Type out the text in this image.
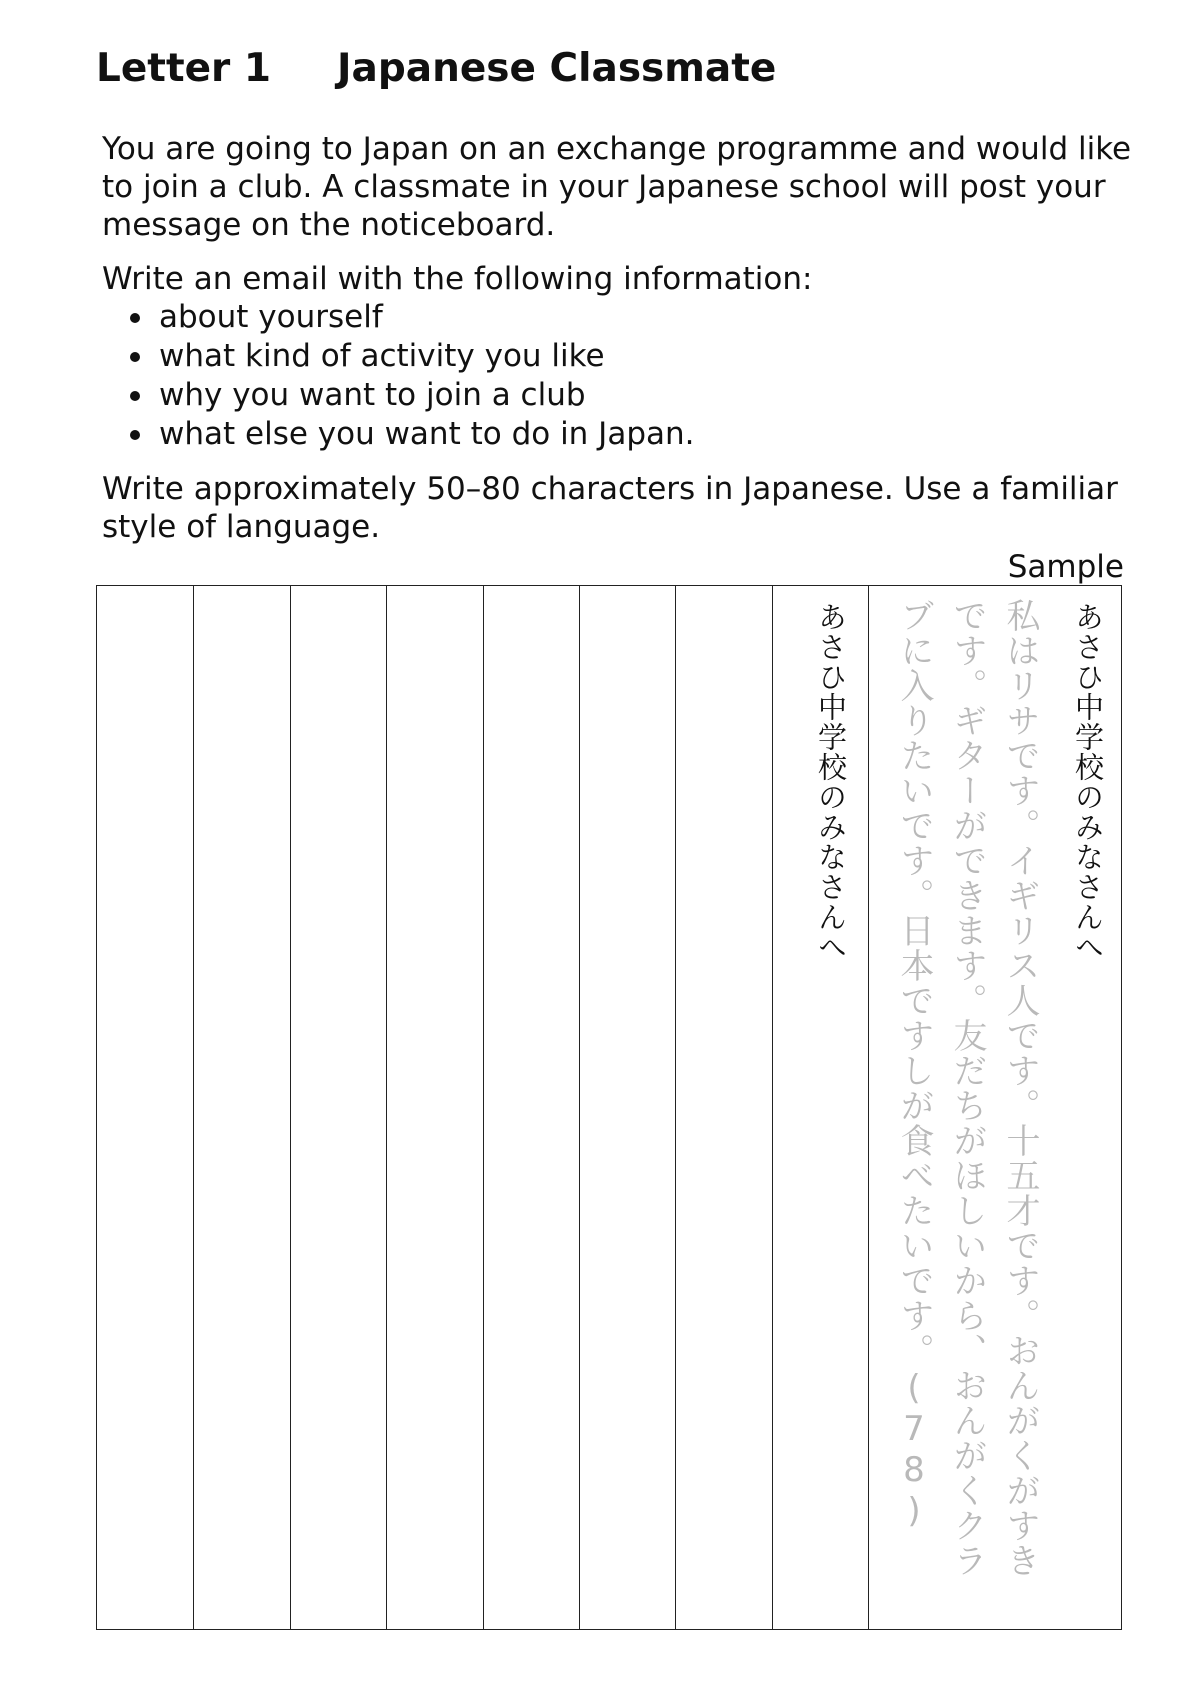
Letter 1 Japanese Classmate

You are going to Japan on an exchange programme and would like to join a club. A classmate in your Japanese school will post your message on the noticeboard.

Write an email with the following information:

about yourself
what kind of activity you like
why you want to join a club
what else you want to do in Japan.

Write approximately 50–80 characters in Japanese. Use a familiar style of language.

Sample
あさひ中学校のみなさんへ	私はリサです。イギリス人です。十五才です。おんがくがすきです。ギターができます。友だちがほしいから、おんがくクラブに入りたいです。日本ですしが食べたいです。(78)	あさひ中学校のみなさんへ
